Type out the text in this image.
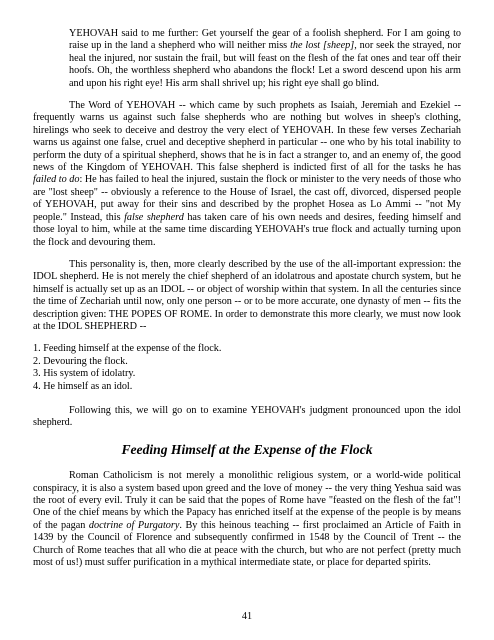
YEHOVAH said to me further: Get yourself the gear of a foolish shepherd. For I am going to raise up in the land a shepherd who will neither miss the lost [sheep], nor seek the strayed, nor heal the injured, nor sustain the frail, but will feast on the flesh of the fat ones and tear off their hoofs. Oh, the worthless shepherd who abandons the flock! Let a sword descend upon his arm and upon his right eye! His arm shall shrivel up; his right eye shall go blind.

The Word of YEHOVAH -- which came by such prophets as Isaiah, Jeremiah and Ezekiel -- frequently warns us against such false shepherds who are nothing but wolves in sheep's clothing, hirelings who seek to deceive and destroy the very elect of YEHOVAH. In these few verses Zechariah warns us against one false, cruel and deceptive shepherd in particular -- one who by his total inability to perform the duty of a spiritual shepherd, shows that he is in fact a stranger to, and an enemy of, the good news of the Kingdom of YEHOVAH. This false shepherd is indicted first of all for the tasks he has failed to do: He has failed to heal the injured, sustain the flock or minister to the very needs of those who are "lost sheep" -- obviously a reference to the House of Israel, the cast off, divorced, dispersed people of YEHOVAH, put away for their sins and described by the prophet Hosea as Lo Ammi -- "not My people." Instead, this false shepherd has taken care of his own needs and desires, feeding himself and those loyal to him, while at the same time discarding YEHOVAH's true flock and actually turning upon the flock and devouring them.

This personality is, then, more clearly described by the use of the all-important expression: the IDOL shepherd. He is not merely the chief shepherd of an idolatrous and apostate church system, but he himself is actually set up as an IDOL -- or object of worship within that system. In all the centuries since the time of Zechariah until now, only one person -- or to be more accurate, one dynasty of men -- fits the description given: THE POPES OF ROME. In order to demonstrate this more clearly, we must now look at the IDOL SHEPHERD --

1. Feeding himself at the expense of the flock.
2. Devouring the flock.
3. His system of idolatry.
4. He himself as an idol.

Following this, we will go on to examine YEHOVAH's judgment pronounced upon the idol shepherd.

Feeding Himself at the Expense of the Flock

Roman Catholicism is not merely a monolithic religious system, or a world-wide political conspiracy, it is also a system based upon greed and the love of money -- the very thing Yeshua said was the root of every evil. Truly it can be said that the popes of Rome have "feasted on the flesh of the fat"! One of the chief means by which the Papacy has enriched itself at the expense of the people is by means of the pagan doctrine of Purgatory. By this heinous teaching -- first proclaimed an Article of Faith in 1439 by the Council of Florence and subsequently confirmed in 1548 by the Council of Trent -- the Church of Rome teaches that all who die at peace with the church, but who are not perfect (pretty much most of us!) must suffer purification in a mythical intermediate state, or place for departed spirits.

41
